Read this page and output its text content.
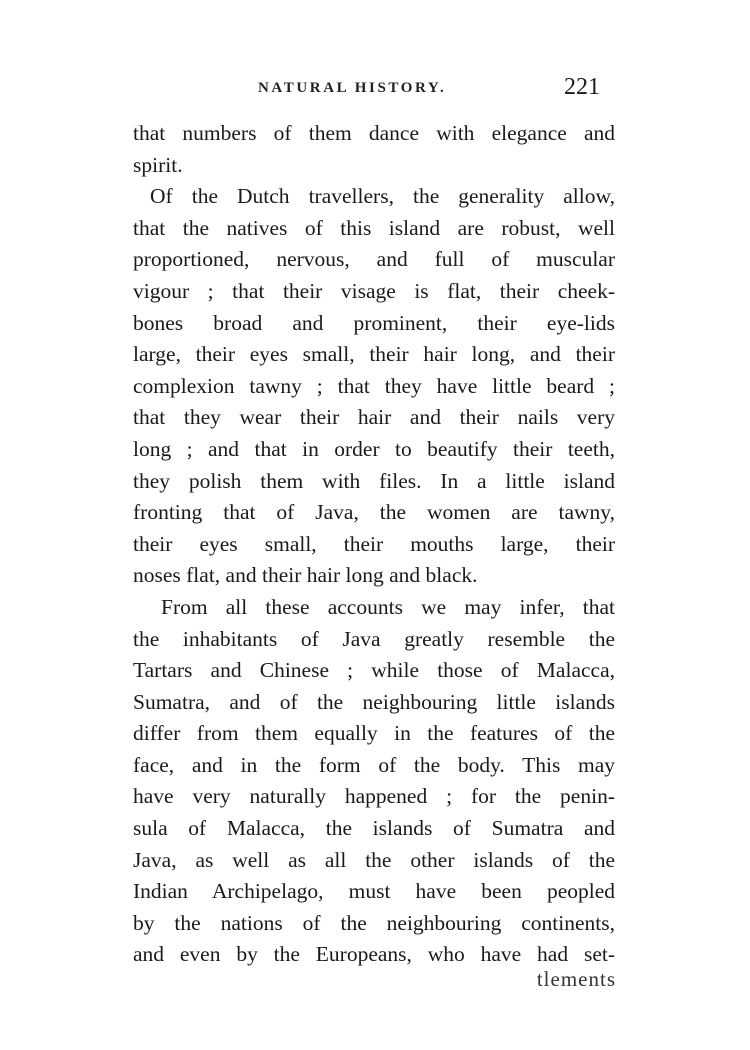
NATURAL HISTORY.	221
that numbers of them dance with elegance and
spirit.
Of the Dutch travellers, the generality allow,
that the natives of this island are robust, well
proportioned, nervous, and full of muscular
vigour ; that their visage is flat, their cheek-
bones broad and prominent, their eye-lids
large, their eyes small, their hair long, and their
complexion tawny ; that they have little beard ;
that they wear their hair and their nails very
long ; and that in order to beautify their teeth,
they polish them with files. In a little island
fronting that of Java, the women are tawny,
their eyes small, their mouths large, their
noses flat, and their hair long and black.
From all these accounts we may infer, that
the inhabitants of Java greatly resemble the
Tartars and Chinese ; while those of Malacca,
Sumatra, and of the neighbouring little islands
differ from them equally in the features of the
face, and in the form of the body. This may
have very naturally happened ; for the penin-
sula of Malacca, the islands of Sumatra and
Java, as well as all the other islands of the
Indian Archipelago, must have been peopled
by the nations of the neighbouring continents,
and even by the Europeans, who have had set-
tlements
